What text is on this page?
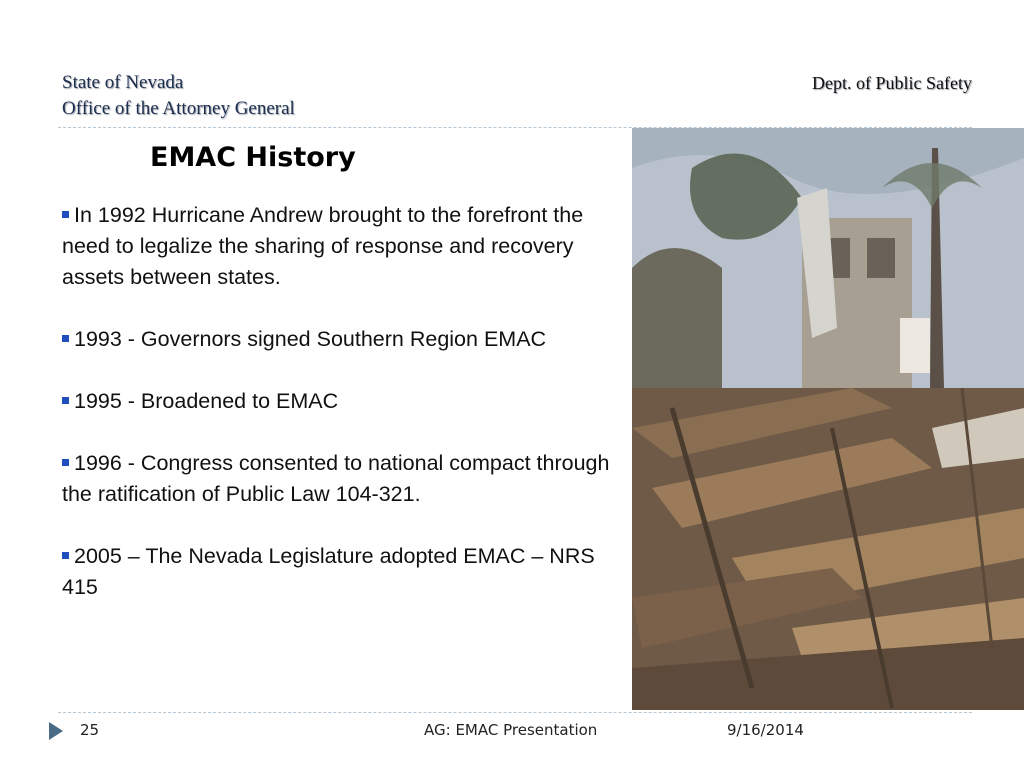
State of Nevada
Office of the Attorney General
Dept. of Public Safety
EMAC History
In 1992 Hurricane Andrew brought to the forefront the need to legalize the sharing of response and recovery assets between states.
1993 - Governors signed Southern Region EMAC
1995 - Broadened to EMAC
1996 - Congress consented to national compact through the ratification of Public Law 104-321.
2005 – The Nevada Legislature adopted EMAC – NRS 415
25	AG: EMAC Presentation	9/16/2014
